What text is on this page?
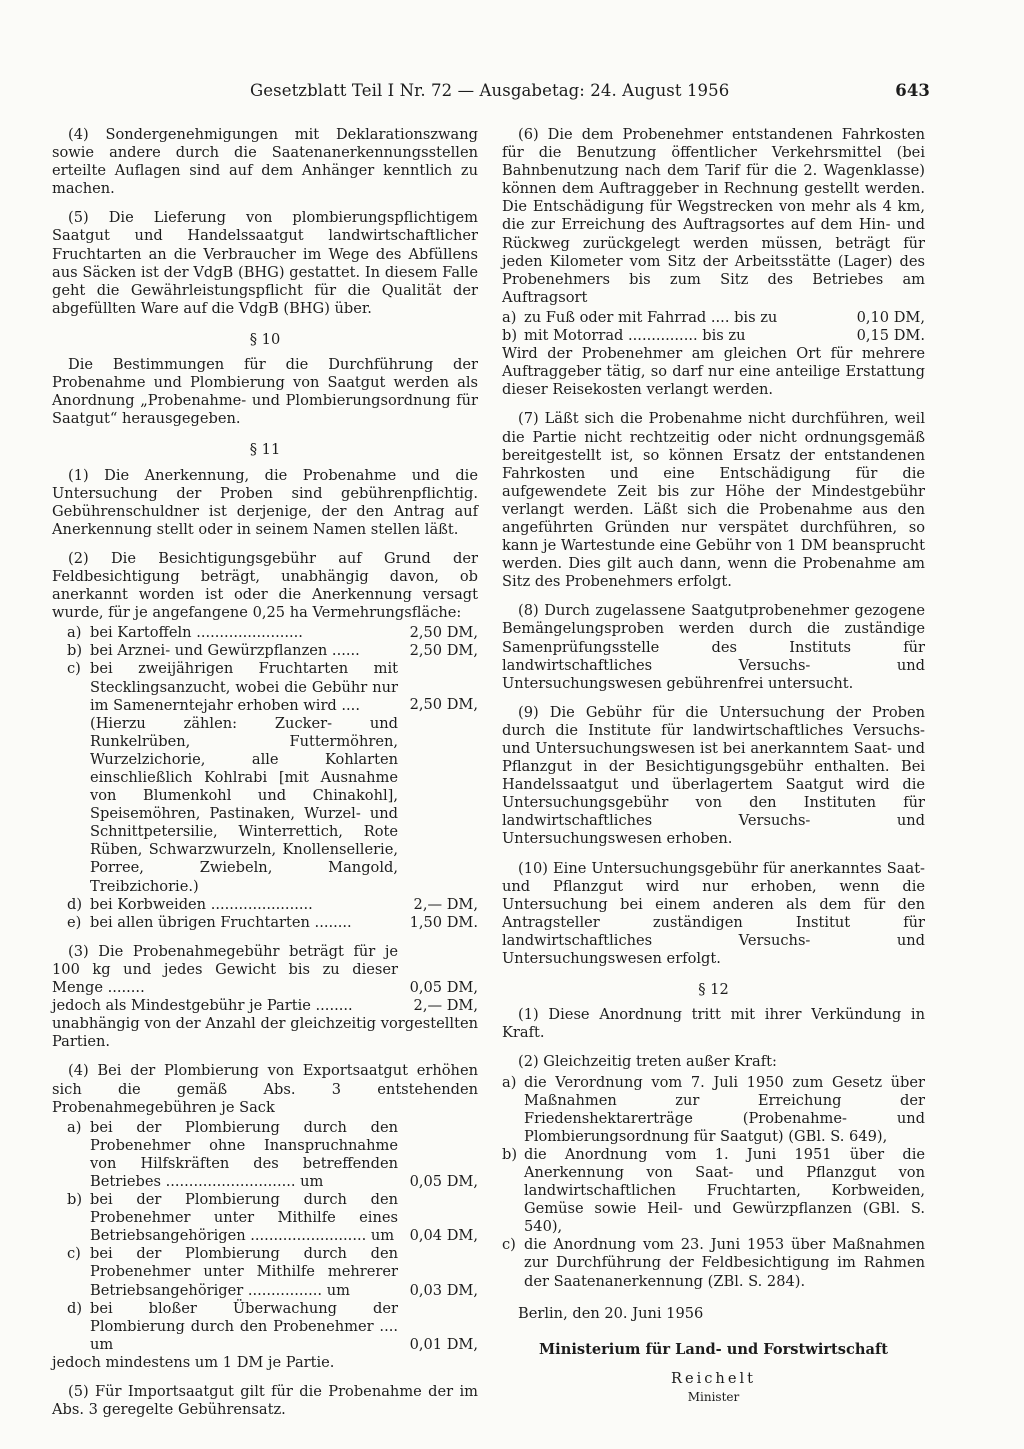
Gesetzblatt Teil I Nr. 72 — Ausgabetag: 24. August 1956	643

(4) Sondergenehmigungen mit Deklarationszwang sowie andere durch die Saatenanerkennungsstellen erteilte Auflagen sind auf dem Anhänger kenntlich zu machen.

(5) Die Lieferung von plombierungspflichtigem Saatgut und Handelssaatgut landwirtschaftlicher Fruchtarten an die Verbraucher im Wege des Abfüllens aus Säcken ist der VdgB (BHG) gestattet. In diesem Falle geht die Gewährleistungspflicht für die Qualität der abgefüllten Ware auf die VdgB (BHG) über.

§ 10

Die Bestimmungen für die Durchführung der Probenahme und Plombierung von Saatgut werden als Anordnung „Probenahme- und Plombierungsordnung für Saatgut“ herausgegeben.

§ 11

(1) Die Anerkennung, die Probenahme und die Untersuchung der Proben sind gebührenpflichtig. Gebührenschuldner ist derjenige, der den Antrag auf Anerkennung stellt oder in seinem Namen stellen läßt.

(2) Die Besichtigungsgebühr auf Grund der Feldbesichtigung beträgt, unabhängig davon, ob anerkannt worden ist oder die Anerkennung versagt wurde, für je angefangene 0,25 ha Vermehrungsfläche:

a) bei Kartoffeln .......................	2,50 DM,
b) bei Arznei- und Gewürzpflanzen ......	2,50 DM,
c) bei zweijährigen Fruchtarten mit Stecklingsanzucht, wobei die Gebühr nur im Samenerntejahr erhoben wird ....	2,50 DM,
(Hierzu zählen: Zucker- und Runkelrüben, Futtermöhren, Wurzelzichorie, alle Kohlarten einschließlich Kohlrabi [mit Ausnahme von Blumenkohl und Chinakohl], Speisemöhren, Pastinaken, Wurzel- und Schnittpetersilie, Winterrettich, Rote Rüben, Schwarzwurzeln, Knollensellerie, Porree, Zwiebeln, Mangold, Treibzichorie.)
d) bei Korbweiden ......................	2,— DM,
e) bei allen übrigen Fruchtarten ........	1,50 DM.
(3) Die Probenahmegebühr beträgt für je 100 kg und jedes Gewicht bis zu dieser Menge ........	0,05 DM,
jedoch als Mindestgebühr je Partie ........	2,— DM,
unabhängig von der Anzahl der gleichzeitig vorgestellten Partien.

(4) Bei der Plombierung von Exportsaatgut erhöhen sich die gemäß Abs. 3 entstehenden Probenahmegebühren je Sack

a) bei der Plombierung durch den Probenehmer ohne Inanspruchnahme von Hilfskräften des betreffenden Betriebes ............................ um	0,05 DM,
b) bei der Plombierung durch den Probenehmer unter Mithilfe eines Betriebsangehörigen ......................... um	0,04 DM,
c) bei der Plombierung durch den Probenehmer unter Mithilfe mehrerer Betriebsangehöriger ................ um	0,03 DM,
d) bei bloßer Überwachung der Plombierung durch den Probenehmer .... um	0,01 DM,
jedoch mindestens um 1 DM je Partie.

(5) Für Importsaatgut gilt für die Probenahme der im Abs. 3 geregelte Gebührensatz.

(6) Die dem Probenehmer entstandenen Fahrkosten für die Benutzung öffentlicher Verkehrsmittel (bei Bahnbenutzung nach dem Tarif für die 2. Wagenklasse) können dem Auftraggeber in Rechnung gestellt werden. Die Entschädigung für Wegstrecken von mehr als 4 km, die zur Erreichung des Auftragsortes auf dem Hin- und Rückweg zurückgelegt werden müssen, beträgt für jeden Kilometer vom Sitz der Arbeitsstätte (Lager) des Probenehmers bis zum Sitz des Betriebes am Auftragsort

a) zu Fuß oder mit Fahrrad .... bis zu	0,10 DM,
b) mit Motorrad ............... bis zu	0,15 DM.

Wird der Probenehmer am gleichen Ort für mehrere Auftraggeber tätig, so darf nur eine anteilige Erstattung dieser Reisekosten verlangt werden.

(7) Läßt sich die Probenahme nicht durchführen, weil die Partie nicht rechtzeitig oder nicht ordnungsgemäß bereitgestellt ist, so können Ersatz der entstandenen Fahrkosten und eine Entschädigung für die aufgewendete Zeit bis zur Höhe der Mindestgebühr verlangt werden. Läßt sich die Probenahme aus den angeführten Gründen nur verspätet durchführen, so kann je Wartestunde eine Gebühr von 1 DM beansprucht werden. Dies gilt auch dann, wenn die Probenahme am Sitz des Probenehmers erfolgt.

(8) Durch zugelassene Saatgutprobenehmer gezogene Bemängelungsproben werden durch die zuständige Samenprüfungsstelle des Instituts für landwirtschaftliches Versuchs- und Untersuchungswesen gebührenfrei untersucht.

(9) Die Gebühr für die Untersuchung der Proben durch die Institute für landwirtschaftliches Versuchs- und Untersuchungswesen ist bei anerkanntem Saat- und Pflanzgut in der Besichtigungsgebühr enthalten. Bei Handelssaatgut und überlagertem Saatgut wird die Untersuchungsgebühr von den Instituten für landwirtschaftliches Versuchs- und Untersuchungswesen erhoben.

(10) Eine Untersuchungsgebühr für anerkanntes Saat- und Pflanzgut wird nur erhoben, wenn die Untersuchung bei einem anderen als dem für den Antragsteller zuständigen Institut für landwirtschaftliches Versuchs- und Untersuchungswesen erfolgt.

§ 12

(1) Diese Anordnung tritt mit ihrer Verkündung in Kraft.

(2) Gleichzeitig treten außer Kraft:

a) die Verordnung vom 7. Juli 1950 zum Gesetz über Maßnahmen zur Erreichung der Friedenshektarerträge (Probenahme- und Plombierungsordnung für Saatgut) (GBl. S. 649),
b) die Anordnung vom 1. Juni 1951 über die Anerkennung von Saat- und Pflanzgut von landwirtschaftlichen Fruchtarten, Korbweiden, Gemüse sowie Heil- und Gewürzpflanzen (GBl. S. 540),
c) die Anordnung vom 23. Juni 1953 über Maßnahmen zur Durchführung der Feldbesichtigung im Rahmen der Saatenanerkennung (ZBl. S. 284).

Berlin, den 20. Juni 1956

Ministerium für Land- und Forstwirtschaft

Reichelt

Minister
